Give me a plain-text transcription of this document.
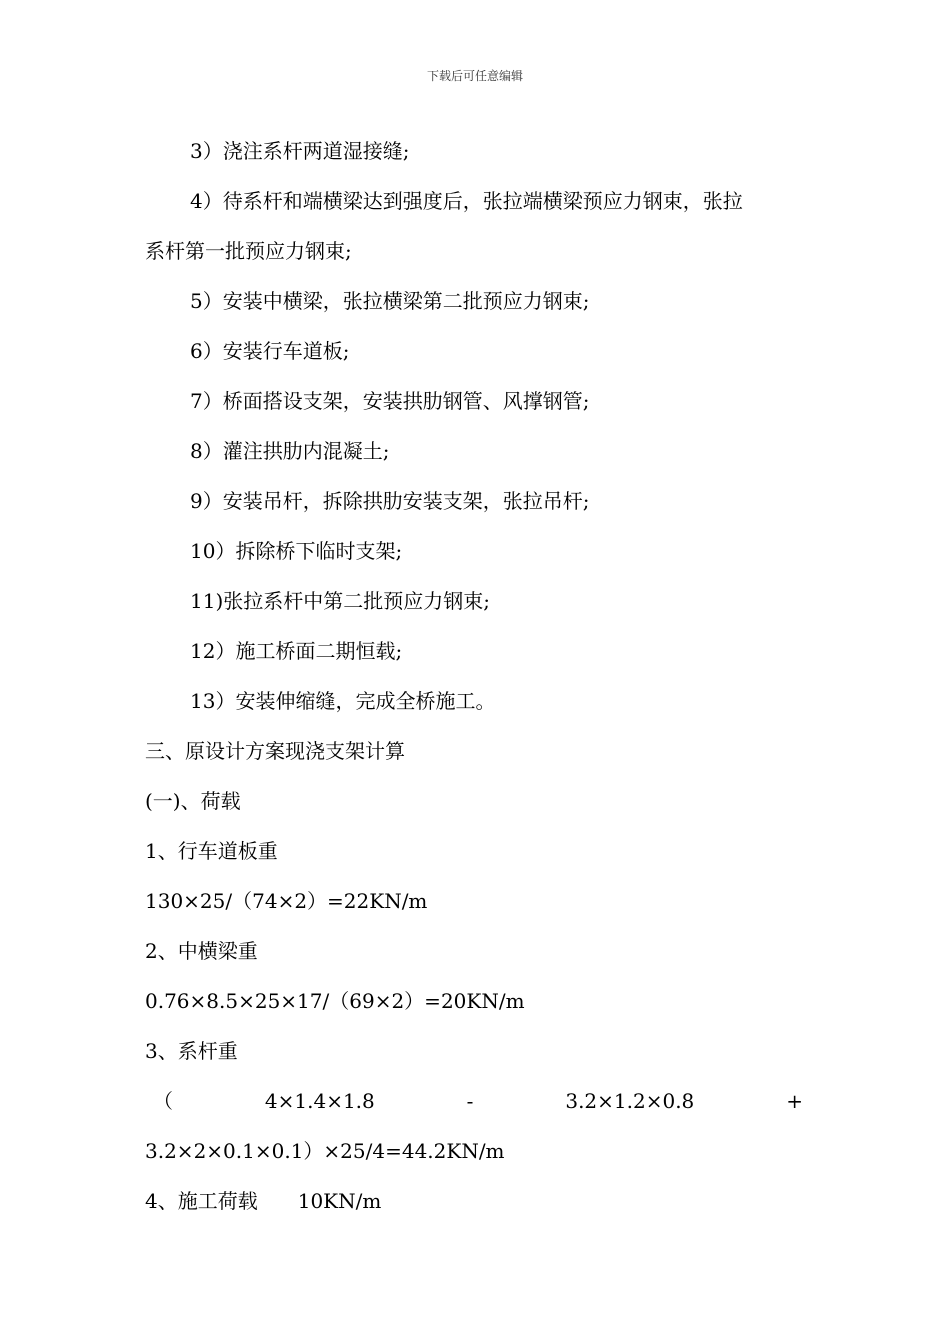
下载后可任意编辑
3）浇注系杆两道湿接缝;
4）待系杆和端横梁达到强度后，张拉端横梁预应力钢束，张拉
系杆第一批预应力钢束;
5）安装中横梁，张拉横梁第二批预应力钢束;
6）安装行车道板;
7）桥面搭设支架，安装拱肋钢管、风撑钢管;
8）灌注拱肋内混凝土;
9）安装吊杆，拆除拱肋安装支架，张拉吊杆;
10）拆除桥下临时支架;
11)张拉系杆中第二批预应力钢束;
12）施工桥面二期恒载;
13）安装伸缩缝，完成全桥施工。
三、原设计方案现浇支架计算
(一)、荷载
1、行车道板重
130×25/（74×2）=22KN/m
2、中横梁重
0.76×8.5×25×17/（69×2）=20KN/m
3、系杆重
（	4×1.4×1.8	-	3.2×1.2×0.8	+
3.2×2×0.1×0.1）×25/4=44.2KN/m
4、施工荷载　　10KN/m
